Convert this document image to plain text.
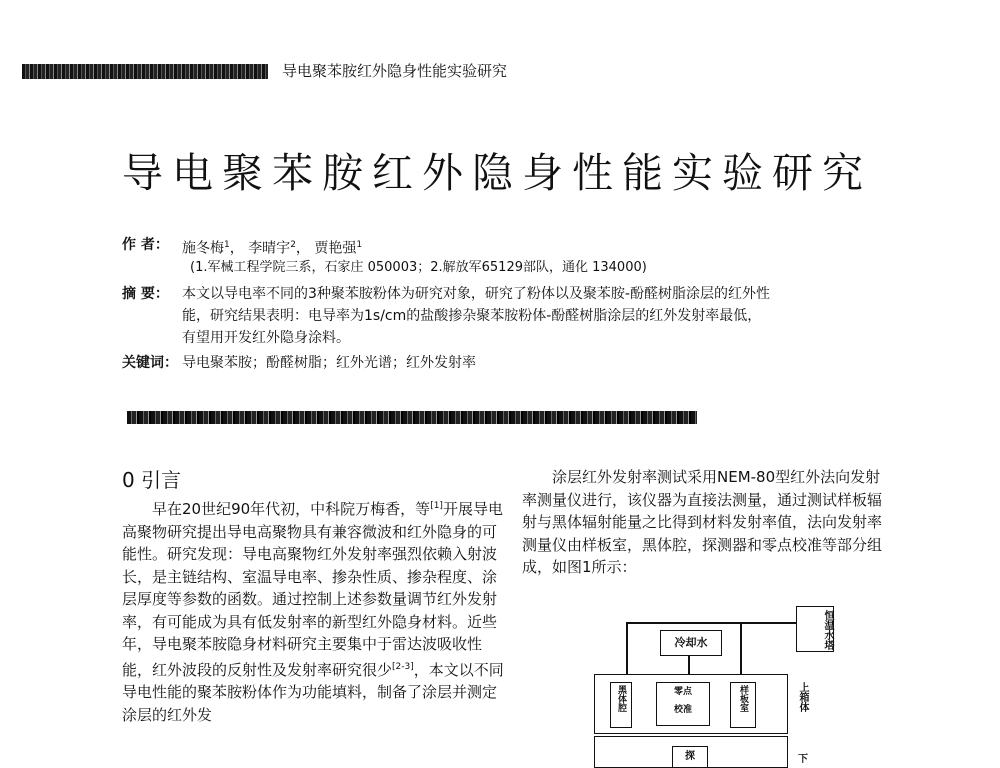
导电聚苯胺红外隐身性能实验研究
导电聚苯胺红外隐身性能实验研究
作 者： 施冬梅$^1$， 李晴宇$^2$， 贾艳强$^1$
(1.军械工程学院三系，石家庄 050003；2.解放军65129部队，通化 134000)
摘 要： 本文以导电率不同的3种聚苯胺粉体为研究对象，研究了粉体以及聚苯胺-酚醛树脂涂层的红外性能，研究结果表明：电导率为1s/cm的盐酸掺杂聚苯胺粉体-酚醛树脂涂层的红外发射率最低，有望用开发红外隐身涂料。
关键词： 导电聚苯胺；酚醛树脂；红外光谱；红外发射率
0 引言

早在20世纪90年代初，中科院万梅香，等[1]开展导电高聚物研究提出导电高聚物具有兼容微波和红外隐身的可能性。研究发现：导电高聚物红外发射率强烈依赖入射波长，是主链结构、室温导电率、掺杂性质、掺杂程度、涂层厚度等参数的函数。通过控制上述参数量调节红外发射率，有可能成为具有低发射率的新型红外隐身材料。近些年，导电聚苯胺隐身材料研究主要集中于雷达波吸收性能，红外波段的反射性及发射率研究很少[2-3]，本文以不同导电性能的聚苯胺粉体作为功能填料，制备了涂层并测定涂层的红外发

涂层红外发射率测试采用NEM-80型红外法向发射率测量仪进行，该仪器为直接法测量，通过测试样板辐射与黑体辐射能量之比得到材料发射率值，法向发射率测量仪由样板室，黑体腔，探测器和零点校准等部分组成，如图1所示：

恒温水塔
冷却水
黑体腔	零点
校准	样板室	上箱体
探	下
